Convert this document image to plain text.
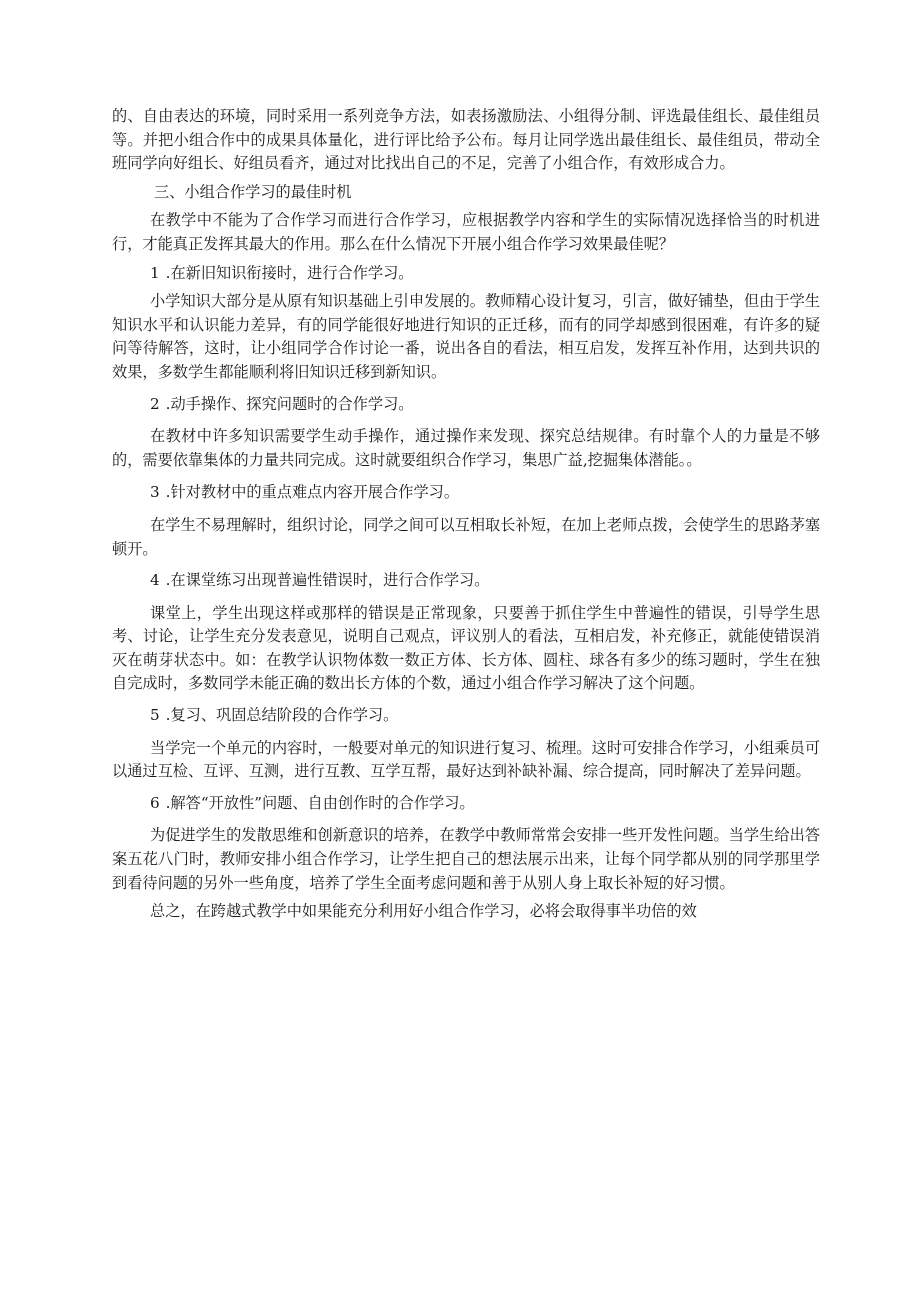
的、自由表达的环境，同时采用一系列竞争方法，如表扬激励法、小组得分制、评选最佳组长、最佳组员等。并把小组合作中的成果具体量化，进行评比给予公布。每月让同学选出最佳组长、最佳组员，带动全班同学向好组长、好组员看齐，通过对比找出自己的不足，完善了小组合作，有效形成合力。

三、小组合作学习的最佳时机

在教学中不能为了合作学习而进行合作学习，应根据教学内容和学生的实际情况选择恰当的时机进行，才能真正发挥其最大的作用。那么在什么情况下开展小组合作学习效果最佳呢？

1 .在新旧知识衔接时，进行合作学习。

小学知识大部分是从原有知识基础上引申发展的。教师精心设计复习，引言，做好铺垫，但由于学生知识水平和认识能力差异，有的同学能很好地进行知识的正迁移，而有的同学却感到很困难，有许多的疑问等待解答，这时，让小组同学合作讨论一番，说出各自的看法，相互启发，发挥互补作用，达到共识的效果，多数学生都能顺利将旧知识迁移到新知识。

2 .动手操作、探究问题时的合作学习。

在教材中许多知识需要学生动手操作，通过操作来发现、探究总结规律。有时靠个人的力量是不够的，需要依靠集体的力量共同完成。这时就要组织合作学习，集思广益,挖掘集体潜能。。

3 .针对教材中的重点难点内容开展合作学习。

在学生不易理解时，组织讨论，同学之间可以互相取长补短，在加上老师点拨，会使学生的思路茅塞顿开。

4 .在课堂练习出现普遍性错误时，进行合作学习。

课堂上，学生出现这样或那样的错误是正常现象，只要善于抓住学生中普遍性的错误，引导学生思考、讨论，让学生充分发表意见，说明自己观点，评议别人的看法，互相启发，补充修正，就能使错误消灭在萌芽状态中。如：在教学认识物体数一数正方体、长方体、圆柱、球各有多少的练习题时，学生在独自完成时，多数同学未能正确的数出长方体的个数，通过小组合作学习解决了这个问题。

5 .复习、巩固总结阶段的合作学习。

当学完一个单元的内容时，一般要对单元的知识进行复习、梳理。这时可安排合作学习，小组乘员可以通过互检、互评、互测，进行互教、互学互帮，最好达到补缺补漏、综合提高，同时解决了差异问题。

6 .解答“开放性”问题、自由创作时的合作学习。

为促进学生的发散思维和创新意识的培养，在教学中教师常常会安排一些开发性问题。当学生给出答案五花八门时，教师安排小组合作学习，让学生把自己的想法展示出来，让每个同学都从别的同学那里学到看待问题的另外一些角度，培养了学生全面考虑问题和善于从别人身上取长补短的好习惯。

总之，在跨越式教学中如果能充分利用好小组合作学习，必将会取得事半功倍的效
